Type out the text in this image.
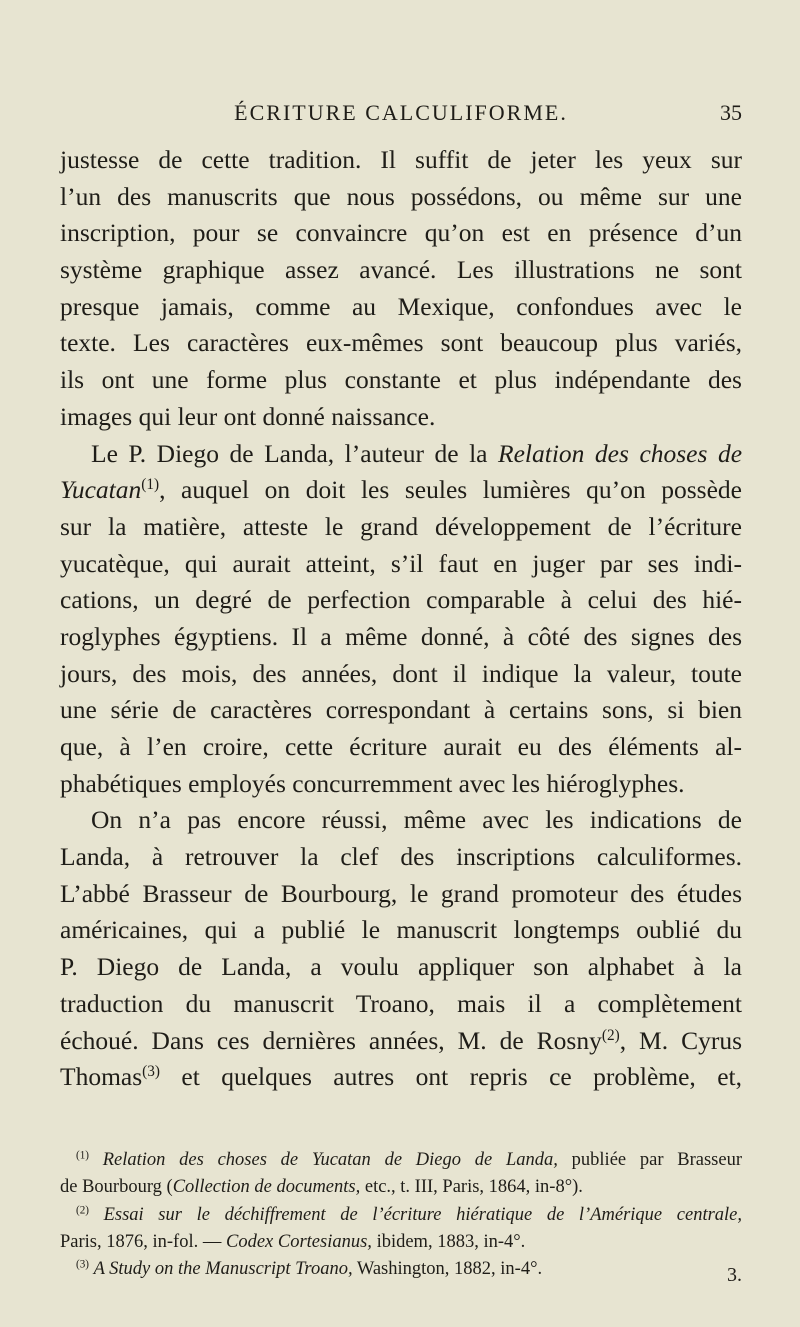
ÉCRITURE CALCULIFORME.	35
justesse de cette tradition. Il suffit de jeter les yeux sur
l’un des manuscrits que nous possédons, ou même sur une
inscription, pour se convaincre qu’on est en présence d’un
système graphique assez avancé. Les illustrations ne sont
presque jamais, comme au Mexique, confondues avec le
texte. Les caractères eux-mêmes sont beaucoup plus variés,
ils ont une forme plus constante et plus indépendante des
images qui leur ont donné naissance.
Le P. Diego de Landa, l’auteur de la Relation des choses de
Yucatan$^{(1)}$, auquel on doit les seules lumières qu’on possède
sur la matière, atteste le grand développement de l’écriture
yucatèque, qui aurait atteint, s’il faut en juger par ses indi-
cations, un degré de perfection comparable à celui des hié-
roglyphes égyptiens. Il a même donné, à côté des signes des
jours, des mois, des années, dont il indique la valeur, toute
une série de caractères correspondant à certains sons, si bien
que, à l’en croire, cette écriture aurait eu des éléments al-
phabétiques employés concurremment avec les hiéroglyphes.
On n’a pas encore réussi, même avec les indications de
Landa, à retrouver la clef des inscriptions calculiformes.
L’abbé Brasseur de Bourbourg, le grand promoteur des études
américaines, qui a publié le manuscrit longtemps oublié du
P. Diego de Landa, a voulu appliquer son alphabet à la
traduction du manuscrit Troano, mais il a complètement
échoué. Dans ces dernières années, M. de Rosny$^{(2)}$, M. Cyrus
Thomas$^{(3)}$ et quelques autres ont repris ce problème, et,
$^{(1)}$ Relation des choses de Yucatan de Diego de Landa, publiée par Brasseur
de Bourbourg (Collection de documents, etc., t. III, Paris, 1864, in-8°).
$^{(2)}$ Essai sur le déchiffrement de l’écriture hiératique de l’Amérique centrale,
Paris, 1876, in-fol. — Codex Cortesianus, ibidem, 1883, in-4°.
$^{(3)}$ A Study on the Manuscript Troano, Washington, 1882, in-4°.	3.
